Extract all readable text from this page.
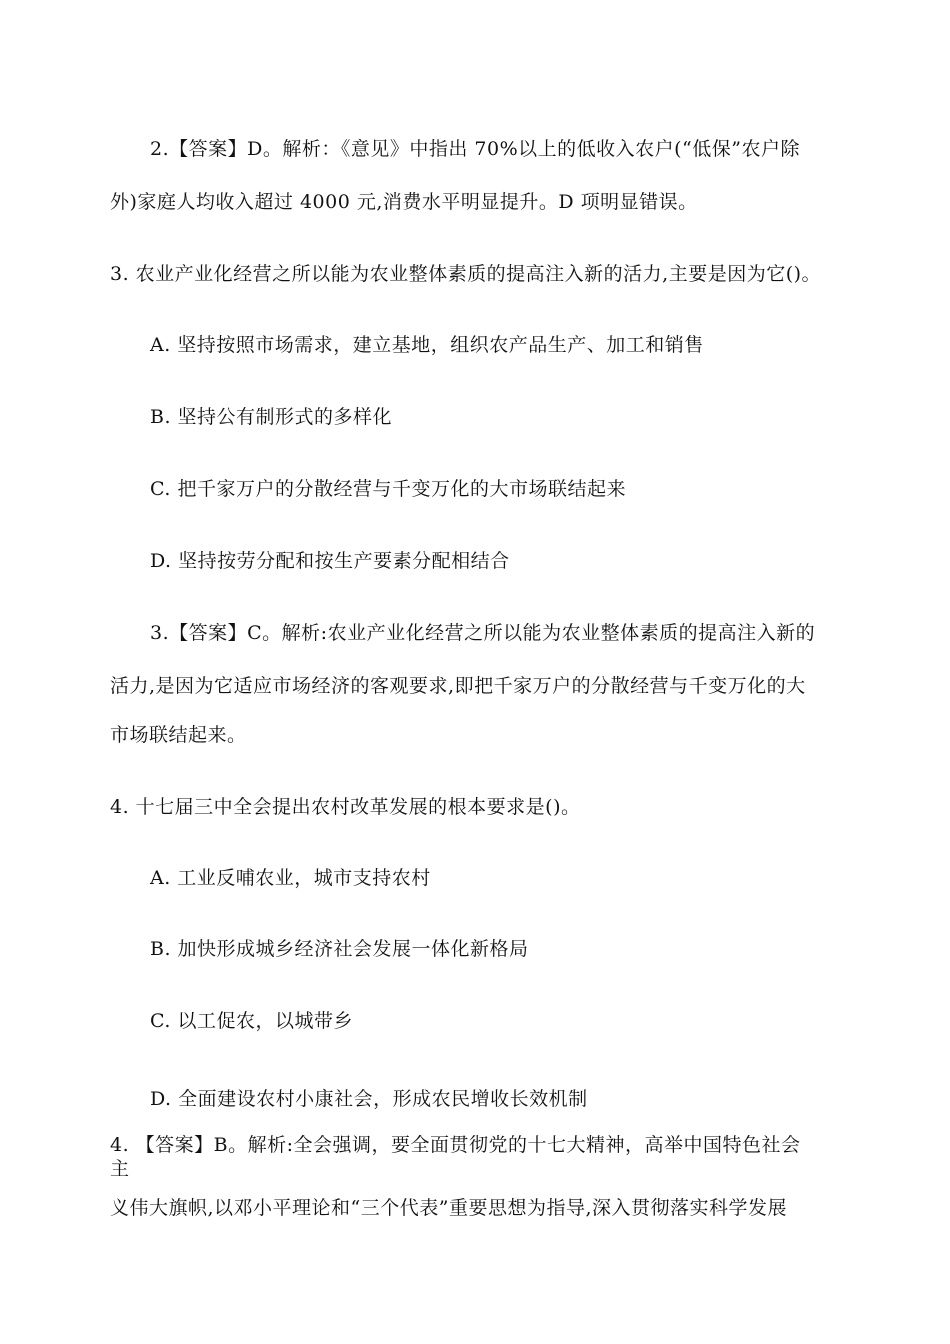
2.【答案】D。解析：《意见》中指出 70%以上的低收入农户(“低保”农户除
外)家庭人均收入超过 4000 元,消费水平明显提升。D 项明显错误。
3. 农业产业化经营之所以能为农业整体素质的提高注入新的活力,主要是因为它()。
A. 坚持按照市场需求，建立基地，组织农产品生产、加工和销售
B. 坚持公有制形式的多样化
C. 把千家万户的分散经营与千变万化的大市场联结起来
D. 坚持按劳分配和按生产要素分配相结合
3.【答案】C。解析:农业产业化经营之所以能为农业整体素质的提高注入新的
活力,是因为它适应市场经济的客观要求,即把千家万户的分散经营与千变万化的大
市场联结起来。
4. 十七届三中全会提出农村改革发展的根本要求是()。
A. 工业反哺农业，城市支持农村
B. 加快形成城乡经济社会发展一体化新格局
C. 以工促农，以城带乡
D. 全面建设农村小康社会，形成农民增收长效机制
4. 【答案】B。解析:全会强调，要全面贯彻党的十七大精神，高举中国特色社会
主
义伟大旗帜,以邓小平理论和“三个代表”重要思想为指导,深入贯彻落实科学发展
